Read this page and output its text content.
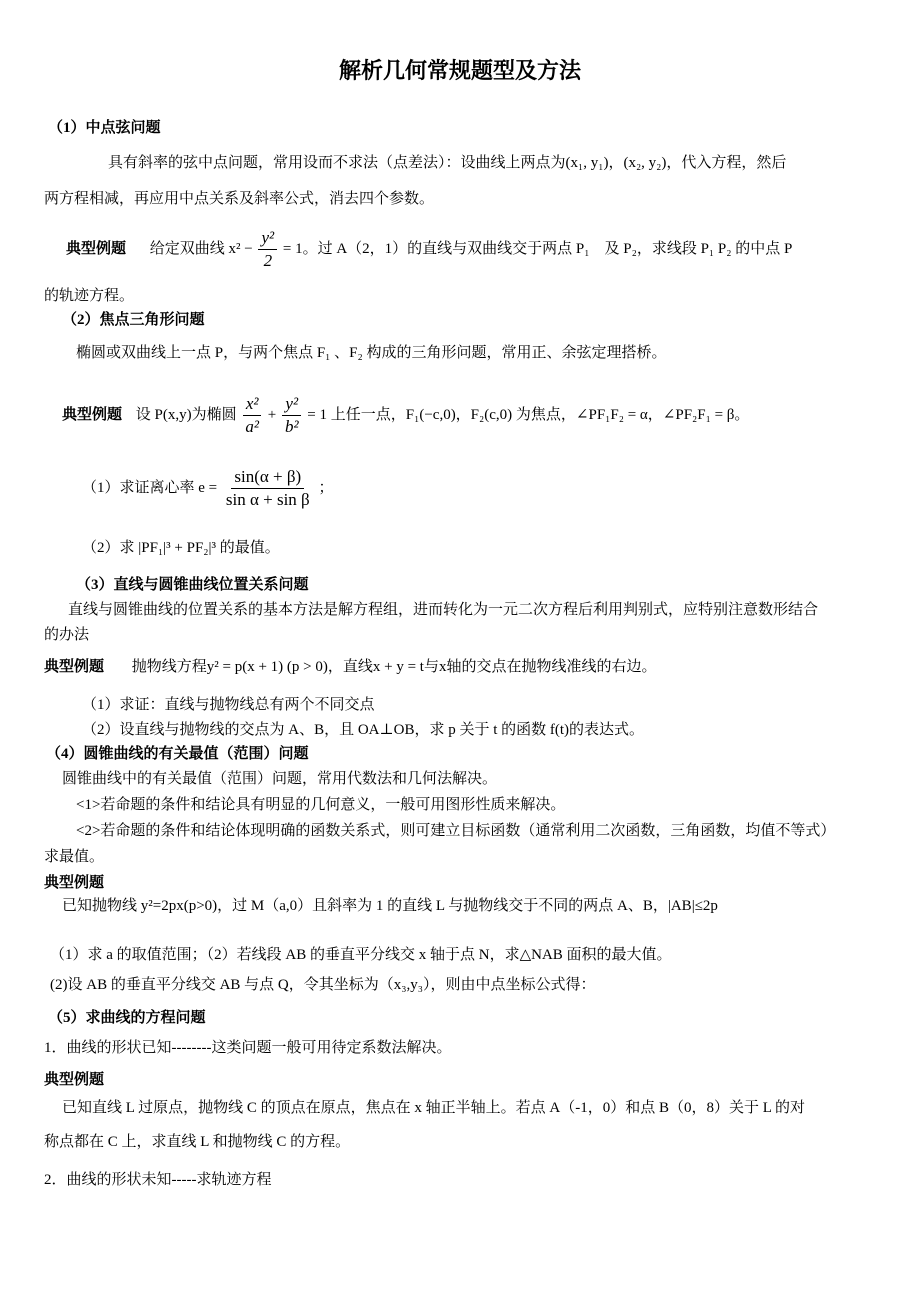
解析几何常规题型及方法
（1）中点弦问题
具有斜率的弦中点问题，常用设而不求法（点差法）：设曲线上两点为(x₁, y₁)，(x₂, y₂)，代入方程，然后
两方程相减，再应用中点关系及斜率公式，消去四个参数。
典型例题 给定双曲线 $x^2 - \frac{\text{y²}}{2} = 1$。过 A（2，1）的直线与双曲线交于两点 P₁　及 P₂，求线段 P₁ P₂ 的中点 P
的轨迹方程。
（2）焦点三角形问题
椭圆或双曲线上一点 P，与两个焦点 F₁ 、F₂ 构成的三角形问题，常用正、余弦定理搭桥。
典型例题 设 P(x,y)为椭圆 $\frac{\text{x²}}{\text{a²}} + \frac{\text{y²}}{\text{b²}} = 1$ 上任一点，F₁(−c,0)，F₂(c,0) 为焦点，∠PF₁F₂ = α，∠PF₂F₁ = β。
（1）求证离心率 $e = \frac{\sin(\alpha + \beta)}{\text{sin α + sin β}}$ ；
（2）求 |PF₁|³ + PF₂|³ 的最值。
（3）直线与圆锥曲线位置关系问题
直线与圆锥曲线的位置关系的基本方法是解方程组，进而转化为一元二次方程后利用判别式，应特别注意数形结合
的办法
典型例题 抛物线方程y² = p(x + 1) (p > 0)，直线x + y = t与x轴的交点在抛物线准线的右边。
（1）求证：直线与抛物线总有两个不同交点
（2）设直线与抛物线的交点为 A、B，且 OA⊥OB，求 p 关于 t 的函数 f(t)的表达式。
（4）圆锥曲线的有关最值（范围）问题
圆锥曲线中的有关最值（范围）问题，常用代数法和几何法解决。
<1>若命题的条件和结论具有明显的几何意义，一般可用图形性质来解决。
<2>若命题的条件和结论体现明确的函数关系式，则可建立目标函数（通常利用二次函数，三角函数，均值不等式）
求最值。
典型例题
已知抛物线 y²=2px(p>0)，过 M（a,0）且斜率为 1 的直线 L 与抛物线交于不同的两点 A、B，|AB|≤2p
（1）求 a 的取值范围；（2）若线段 AB 的垂直平分线交 x 轴于点 N，求△NAB 面积的最大值。
(2)设 AB 的垂直平分线交 AB 与点 Q，令其坐标为（x₃,y₃），则由中点坐标公式得：
（5）求曲线的方程问题
1．曲线的形状已知--------这类问题一般可用待定系数法解决。
典型例题
已知直线 L 过原点，抛物线 C 的顶点在原点，焦点在 x 轴正半轴上。若点 A（-1，0）和点 B（0，8）关于 L 的对
称点都在 C 上，求直线 L 和抛物线 C 的方程。
2．曲线的形状未知-----求轨迹方程
